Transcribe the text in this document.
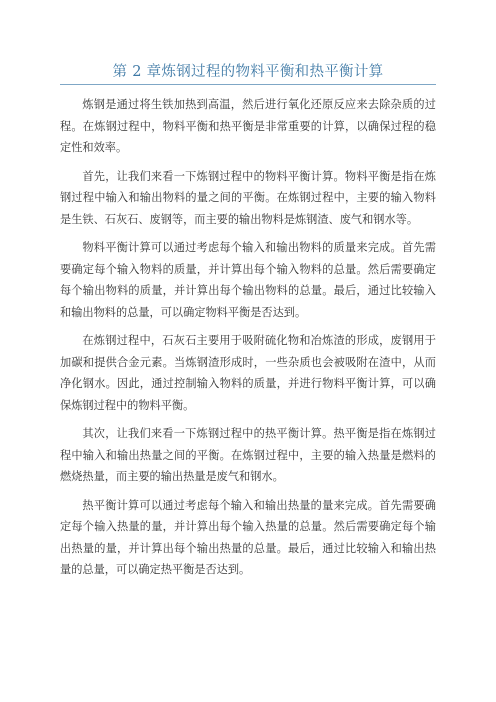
第 2 章炼钢过程的物料平衡和热平衡计算

炼钢是通过将生铁加热到高温，然后进行氧化还原反应来去除杂质的过程。在炼钢过程中，物料平衡和热平衡是非常重要的计算，以确保过程的稳定性和效率。

首先，让我们来看一下炼钢过程中的物料平衡计算。物料平衡是指在炼钢过程中输入和输出物料的量之间的平衡。在炼钢过程中，主要的输入物料是生铁、石灰石、废钢等，而主要的输出物料是炼钢渣、废气和钢水等。

物料平衡计算可以通过考虑每个输入和输出物料的质量来完成。首先需要确定每个输入物料的质量，并计算出每个输入物料的总量。然后需要确定每个输出物料的质量，并计算出每个输出物料的总量。最后，通过比较输入和输出物料的总量，可以确定物料平衡是否达到。

在炼钢过程中，石灰石主要用于吸附硫化物和冶炼渣的形成，废钢用于加碳和提供合金元素。当炼钢渣形成时，一些杂质也会被吸附在渣中，从而净化钢水。因此，通过控制输入物料的质量，并进行物料平衡计算，可以确保炼钢过程中的物料平衡。

其次，让我们来看一下炼钢过程中的热平衡计算。热平衡是指在炼钢过程中输入和输出热量之间的平衡。在炼钢过程中，主要的输入热量是燃料的燃烧热量，而主要的输出热量是废气和钢水。

热平衡计算可以通过考虑每个输入和输出热量的量来完成。首先需要确定每个输入热量的量，并计算出每个输入热量的总量。然后需要确定每个输出热量的量，并计算出每个输出热量的总量。最后，通过比较输入和输出热量的总量，可以确定热平衡是否达到。
